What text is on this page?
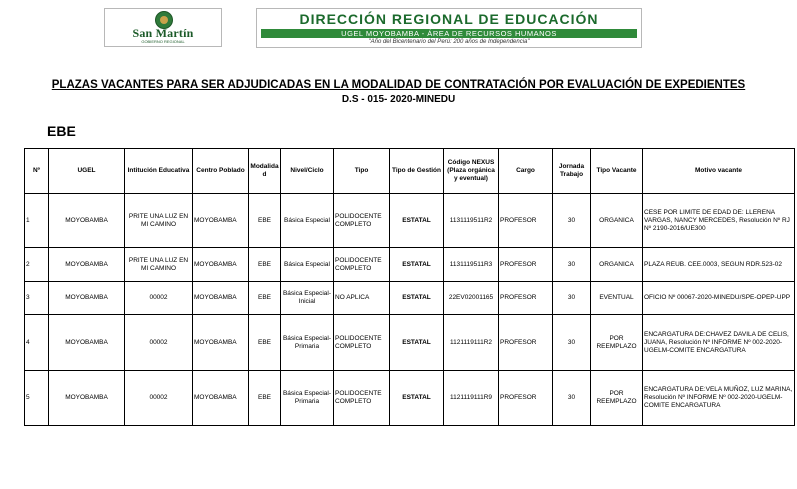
San Martín
GOBIERNO REGIONAL
DIRECCIÓN REGIONAL DE EDUCACIÓN
UGEL MOYOBAMBA - ÁREA DE RECURSOS HUMANOS
"Año del Bicentenario del Perú: 200 años de Independencia"
PLAZAS VACANTES PARA SER ADJUDICADAS EN LA MODALIDAD DE CONTRATACIÓN POR EVALUACIÓN DE EXPEDIENTES
D.S - 015- 2020-MINEDU
EBE
Nº	UGEL	Intitución Educativa	Centro Poblado	Modalida d	Nivel/Ciclo	Tipo	Tipo de Gestión	Código NEXUS (Plaza orgánica y eventual)	Cargo	Jornada Trabajo	Tipo Vacante	Motivo vacante
1	MOYOBAMBA	PRITE UNA LUZ EN MI CAMINO	MOYOBAMBA	EBE	Básica Especial	POLIDOCENTE COMPLETO	ESTATAL	1131119511R2	PROFESOR	30	ORGANICA	CESE POR LIMITE DE EDAD DE: LLERENA VARGAS, NANCY MERCEDES, Resolución Nº RJ Nº 2190-2016/UE300
2	MOYOBAMBA	PRITE UNA LUZ EN MI CAMINO	MOYOBAMBA	EBE	Básica Especial	POLIDOCENTE COMPLETO	ESTATAL	1131119511R3	PROFESOR	30	ORGANICA	PLAZA REUB. CEE.0003, SEGUN RDR.523-02
3	MOYOBAMBA	00002	MOYOBAMBA	EBE	Básica Especial-Inicial	NO APLICA	ESTATAL	22EV02001165	PROFESOR	30	EVENTUAL	OFICIO Nº 00067-2020-MINEDU/SPE-OPEP-UPP
4	MOYOBAMBA	00002	MOYOBAMBA	EBE	Básica Especial-Primaria	POLIDOCENTE COMPLETO	ESTATAL	1121119111R2	PROFESOR	30	POR REEMPLAZO	ENCARGATURA DE:CHAVEZ DAVILA DE CELIS, JUANA, Resolución Nº INFORME Nº 002-2020-UGELM-COMITE ENCARGATURA
5	MOYOBAMBA	00002	MOYOBAMBA	EBE	Básica Especial-Primaria	POLIDOCENTE COMPLETO	ESTATAL	1121119111R9	PROFESOR	30	POR REEMPLAZO	ENCARGATURA DE:VELA MUÑOZ, LUZ MARINA, Resolución Nº INFORME Nº 002-2020-UGELM-COMITE ENCARGATURA
